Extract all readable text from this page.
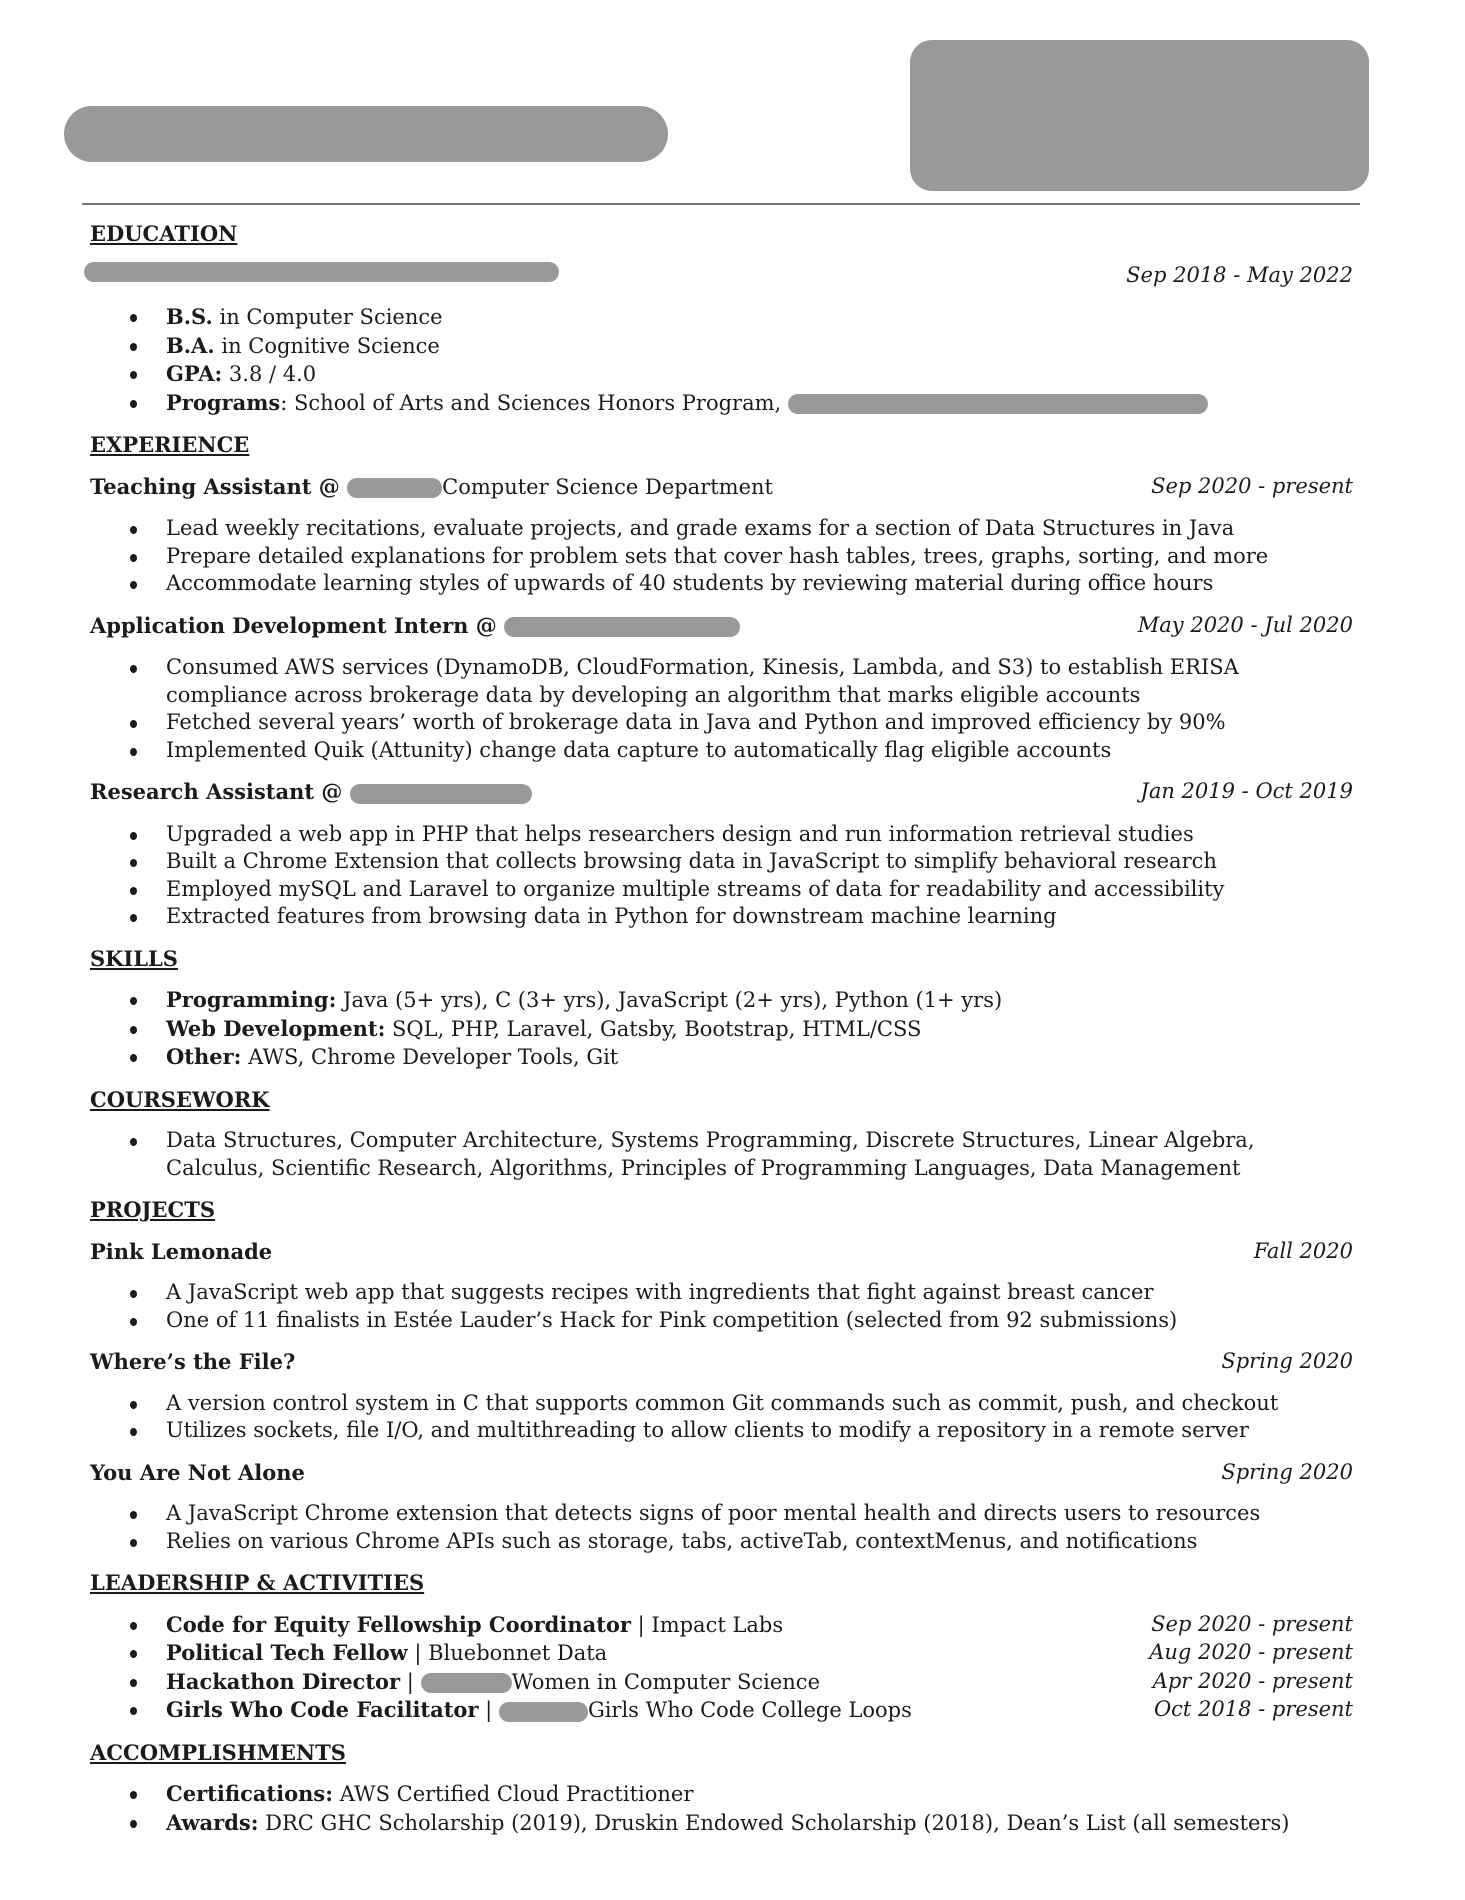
EDUCATION
Sep 2018 - May 2022
B.S. in Computer Science
B.A. in Cognitive Science
GPA: 3.8 / 4.0
Programs: School of Arts and Sciences Honors Program,
EXPERIENCE
Teaching Assistant @	Computer Science Department	Sep 2020 - present
Lead weekly recitations, evaluate projects, and grade exams for a section of Data Structures in Java
Prepare detailed explanations for problem sets that cover hash tables, trees, graphs, sorting, and more
Accommodate learning styles of upwards of 40 students by reviewing material during office hours
Application Development Intern @	May 2020 - Jul 2020
Consumed AWS services (DynamoDB, CloudFormation, Kinesis, Lambda, and S3) to establish ERISA compliance across brokerage data by developing an algorithm that marks eligible accounts
Fetched several years’ worth of brokerage data in Java and Python and improved efficiency by 90%
Implemented Quik (Attunity) change data capture to automatically flag eligible accounts
Research Assistant @	Jan 2019 - Oct 2019
Upgraded a web app in PHP that helps researchers design and run information retrieval studies
Built a Chrome Extension that collects browsing data in JavaScript to simplify behavioral research
Employed mySQL and Laravel to organize multiple streams of data for readability and accessibility
Extracted features from browsing data in Python for downstream machine learning
SKILLS
Programming: Java (5+ yrs), C (3+ yrs), JavaScript (2+ yrs), Python (1+ yrs)
Web Development: SQL, PHP, Laravel, Gatsby, Bootstrap, HTML/CSS
Other: AWS, Chrome Developer Tools, Git
COURSEWORK
Data Structures, Computer Architecture, Systems Programming, Discrete Structures, Linear Algebra, Calculus, Scientific Research, Algorithms, Principles of Programming Languages, Data Management
PROJECTS
Pink Lemonade	Fall 2020
A JavaScript web app that suggests recipes with ingredients that fight against breast cancer
One of 11 finalists in Estée Lauder’s Hack for Pink competition (selected from 92 submissions)
Where’s the File?	Spring 2020
A version control system in C that supports common Git commands such as commit, push, and checkout
Utilizes sockets, file I/O, and multithreading to allow clients to modify a repository in a remote server
You Are Not Alone	Spring 2020
A JavaScript Chrome extension that detects signs of poor mental health and directs users to resources
Relies on various Chrome APIs such as storage, tabs, activeTab, contextMenus, and notifications
LEADERSHIP & ACTIVITIES
Code for Equity Fellowship Coordinator | Impact Labs	Sep 2020 - present
Political Tech Fellow | Bluebonnet Data	Aug 2020 - present
Hackathon Director |	Women in Computer Science	Apr 2020 - present
Girls Who Code Facilitator |	Girls Who Code College Loops	Oct 2018 - present
ACCOMPLISHMENTS
Certifications: AWS Certified Cloud Practitioner
Awards: DRC GHC Scholarship (2019), Druskin Endowed Scholarship (2018), Dean’s List (all semesters)
